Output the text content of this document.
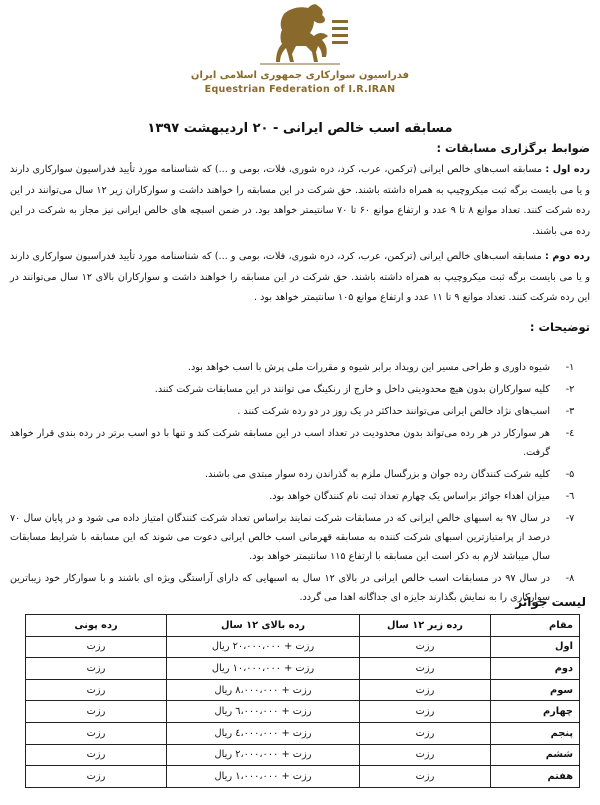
فدراسیون سوارکاری جمهوری اسلامی ایران
Equestrian Federation of I.R.IRAN
مسابقه اسب خالص ایرانی - ۲۰ اردیبهشت ۱۳۹۷
ضوابط برگزاری مسابقات :
رده اول : مسابقه اسب‌های خالص ایرانی (ترکمن، عرب، کرد، دره شوری، فلات، بومی و ...) که شناسنامه مورد تأیید فدراسیون سوارکاری دارند و یا می بایست برگه ثبت میکروچیپ به همراه داشته باشند. حق شرکت در این مسابقه را خواهند داشت و سوارکاران زیر ۱۲ سال می‌توانند در این رده شرکت کنند. تعداد موانع ۸ تا ۹ عدد و ارتفاع موانع ۶۰ تا ۷۰ سانتیمتر خواهد بود. در ضمن اسبچه های خالص ایرانی نیز مجاز به شرکت در این رده می باشند.
رده دوم : مسابقه اسب‌های خالص ایرانی (ترکمن، عرب، کرد، دره شوری، فلات، بومی و ...) که شناسنامه مورد تأیید فدراسیون سوارکاری دارند و یا می بایست برگه ثبت میکروچیپ به همراه داشته باشند. حق شرکت در این مسابقه را خواهند داشت و سوارکاران بالای ۱۲ سال می‌توانند در این رده شرکت کنند. تعداد موانع ۹ تا ۱۱ عدد و ارتفاع موانع ۱۰۵ سانتیمتر خواهد بود .
توضیحات :
۱-
شیوه داوری و طراحی مسیر این رویداد برابر شیوه و مقررات ملی پرش با اسب خواهد بود.
۲-
کلیه سوارکاران بدون هیچ محدودیتی داخل و خارج از رنکینگ می توانند در این مسابقات شرکت کنند.
۳-
اسب‌های نژاد خالص ایرانی می‌توانند حداکثر در یک روز در دو رده شرکت کنند .
٤-
هر سوارکار در هر رده می‌تواند بدون محدودیت در تعداد اسب در این مسابقه شرکت کند و تنها با دو اسب برتر در رده بندی قرار خواهد گرفت.
۵-
کلیه شرکت کنندگان رده جوان و بزرگسال ملزم به گذراندن رده سوار مبتدی می باشند.
٦-
میزان اهداء جوائز براساس یک چهارم تعداد ثبت نام کنندگان خواهد بود.
۷-
در سال ۹۷ به اسبهای خالص ایرانی که در مسابقات شرکت نمایند براساس تعداد شرکت کنندگان امتیاز داده می شود و در پایان سال ۷۰ درصد از پرامتیازترین اسبهای شرکت کننده به مسابقه قهرمانی اسب خالص ایرانی دعوت می شوند که این مسابقه با شرایط مسابقات سال میباشد لازم به ذکر است این مسابقه با ارتفاع ۱۱۵ سانتیمتر خواهد بود.
۸-
در سال ۹۷ در مسابقات اسب خالص ایرانی در بالای ۱۲ سال به اسبهایی که دارای آراستگی ویژه ای باشند و با سوارکار خود زیباترین سوارکاری را به نمایش بگذارند جایزه ای جداگانه اهدا می گردد.
لیست جوائز
مقام	رده زیر ۱۲ سال	رده بالای ۱۲ سال	رده پونی
اول	رزت	رزت + ۲۰،۰۰۰،۰۰۰ ریال	رزت
دوم	رزت	رزت + ۱۰،۰۰۰،۰۰۰ ریال	رزت
سوم	رزت	رزت + ۸،۰۰۰،۰۰۰ ریال	رزت
چهارم	رزت	رزت + ٦،۰۰۰،۰۰۰ ریال	رزت
پنجم	رزت	رزت + ٤،۰۰۰،۰۰۰ ریال	رزت
ششم	رزت	رزت + ۲،۰۰۰،۰۰۰ ریال	رزت
هفتم	رزت	رزت + ۱،۰۰۰،۰۰۰ ریال	رزت
